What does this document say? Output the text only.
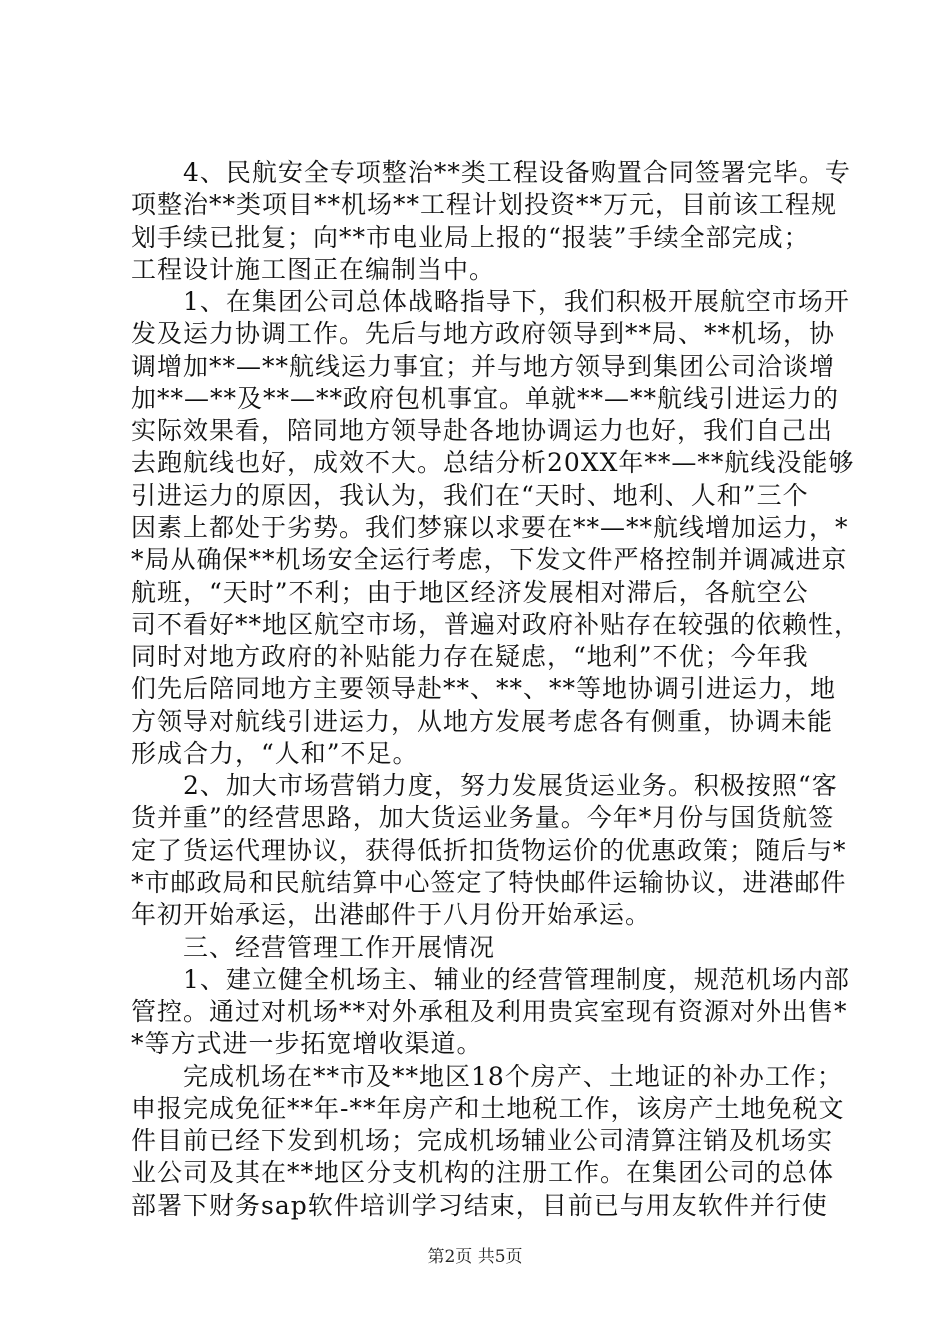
4、民航安全专项整治**类工程设备购置合同签署完毕。专
项整治**类项目**机场**工程计划投资**万元，目前该工程规
划手续已批复；向**市电业局上报的“报装”手续全部完成；
工程设计施工图正在编制当中。
1、在集团公司总体战略指导下，我们积极开展航空市场开
发及运力协调工作。先后与地方政府领导到**局、**机场，协
调增加**—**航线运力事宜；并与地方领导到集团公司洽谈增
加**—**及**—**政府包机事宜。单就**—**航线引进运力的
实际效果看，陪同地方领导赴各地协调运力也好，我们自己出
去跑航线也好，成效不大。总结分析20XX年**—**航线没能够
引进运力的原因，我认为，我们在“天时、地利、人和”三个
因素上都处于劣势。我们梦寐以求要在**—**航线增加运力，*
*局从确保**机场安全运行考虑，下发文件严格控制并调减进京
航班，“天时”不利；由于地区经济发展相对滞后，各航空公
司不看好**地区航空市场，普遍对政府补贴存在较强的依赖性，
同时对地方政府的补贴能力存在疑虑，“地利”不优；今年我
们先后陪同地方主要领导赴**、**、**等地协调引进运力，地
方领导对航线引进运力，从地方发展考虑各有侧重，协调未能
形成合力，“人和”不足。
2、加大市场营销力度，努力发展货运业务。积极按照“客
货并重”的经营思路，加大货运业务量。今年*月份与国货航签
定了货运代理协议，获得低折扣货物运价的优惠政策；随后与*
*市邮政局和民航结算中心签定了特快邮件运输协议，进港邮件
年初开始承运，出港邮件于八月份开始承运。
三、经营管理工作开展情况
1、建立健全机场主、辅业的经营管理制度，规范机场内部
管控。通过对机场**对外承租及利用贵宾室现有资源对外出售*
*等方式进一步拓宽增收渠道。
完成机场在**市及**地区18个房产、土地证的补办工作；
申报完成免征**年-**年房产和土地税工作，该房产土地免税文
件目前已经下发到机场；完成机场辅业公司清算注销及机场实
业公司及其在**地区分支机构的注册工作。在集团公司的总体
部署下财务sap软件培训学习结束，目前已与用友软件并行使
第2页 共5页
